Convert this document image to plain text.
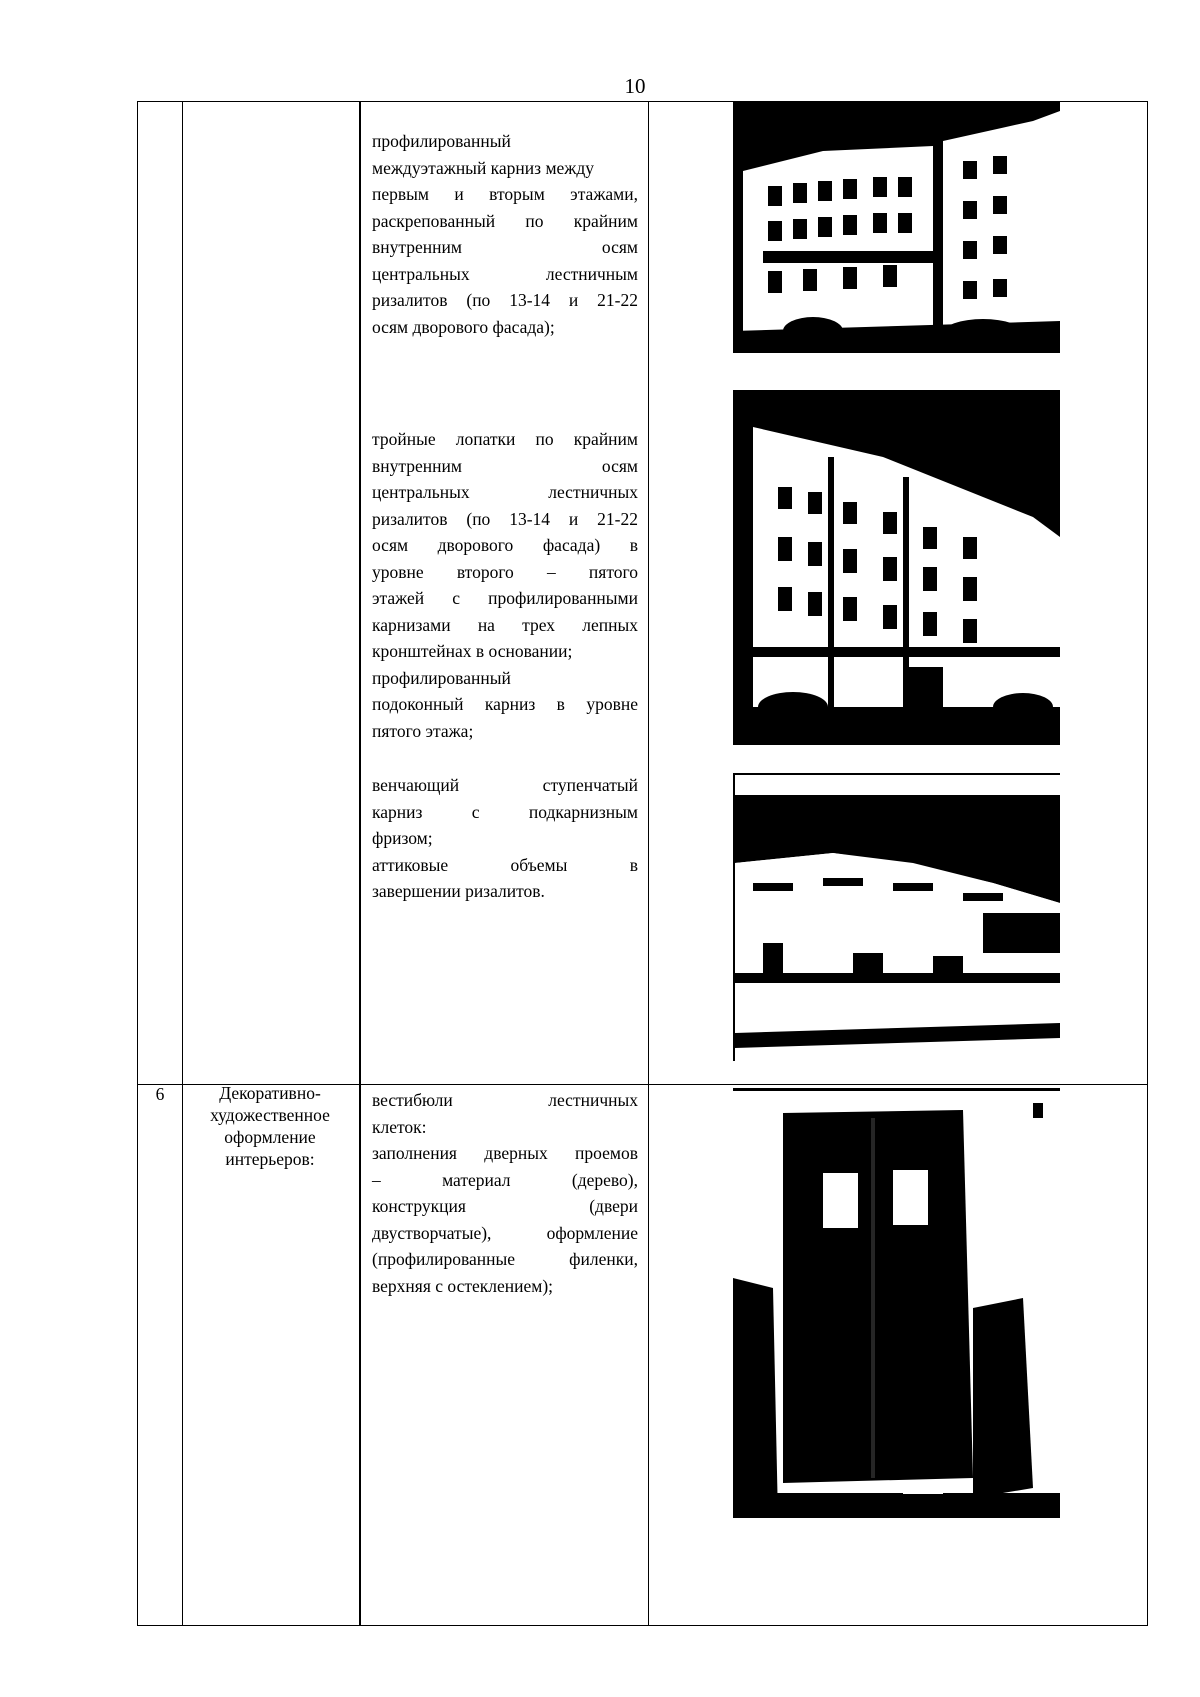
10
профилированный
междуэтажный карниз между
первым и вторым этажами,
раскрепованный по крайним
внутренним осям
центральных лестничным
ризалитов (по 13-14 и 21-22
осям дворового фасада);
тройные лопатки по крайним
внутренним осям
центральных лестничных
ризалитов (по 13-14 и 21-22
осям дворового фасада) в
уровне второго – пятого
этажей с профилированными
карнизами на трех лепных
кронштейнах в основании;
профилированный
подоконный карниз в уровне
пятого этажа;
венчающий ступенчатый
карниз с подкарнизным
фризом;
аттиковые объемы в
завершении ризалитов.
6	Декоративно-
художественное
оформление
интерьеров:
вестибюли лестничных
клеток:
заполнения дверных проемов
– материал (дерево),
конструкция (двери
двустворчатые), оформление
(профилированные филенки,
верхняя с остеклением);
